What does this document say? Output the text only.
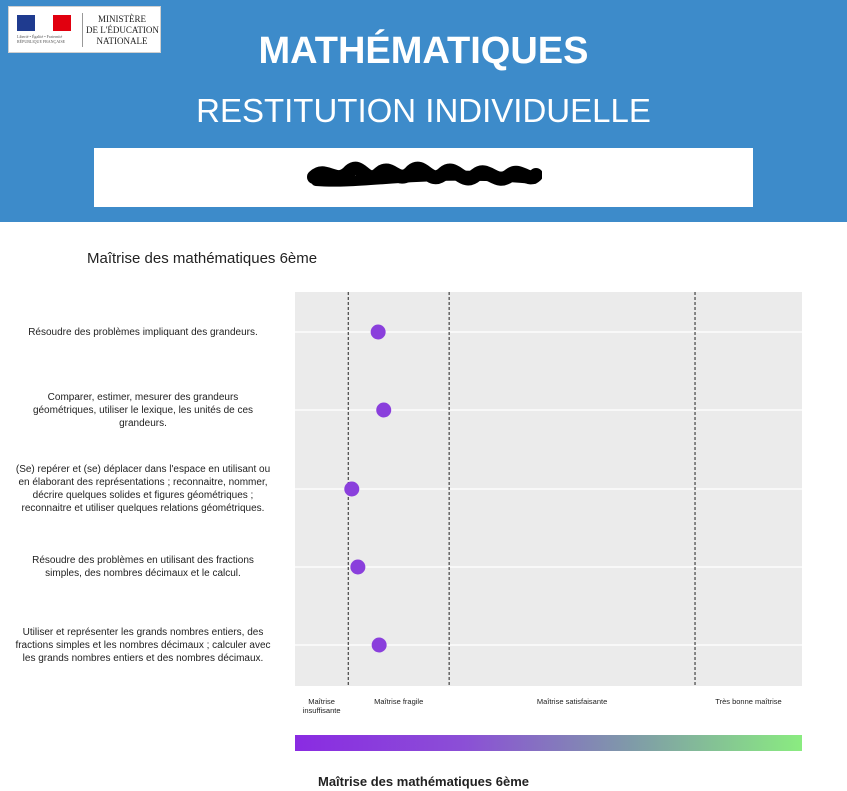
Liberté • Égalité • Fraternité
RÉPUBLIQUE FRANÇAISE
MINISTÈRE
DE L'ÉDUCATION
NATIONALE	MATHÉMATIQUES
RESTITUTION INDIVIDUELLE
Maîtrise des mathématiques 6ème
Résoudre des problèmes impliquant des grandeurs.
Comparer, estimer, mesurer des grandeurs
géométriques, utiliser le lexique, les unités de ces
grandeurs.
(Se) repérer et (se) déplacer dans l'espace en utilisant ou
en élaborant des représentations ; reconnaitre, nommer,
décrire quelques solides et figures géométriques ;
reconnaitre et utiliser quelques relations géométriques.
Résoudre des problèmes en utilisant des fractions
simples, des nombres décimaux et le calcul.
Utiliser et représenter les grands nombres entiers, des
fractions simples et les nombres décimaux ; calculer avec
les grands nombres entiers et des nombres décimaux.
Maîtrise
insuffisante
Maîtrise fragile	Maîtrise satisfaisante	Très bonne maîtrise
Maîtrise des mathématiques 6ème
